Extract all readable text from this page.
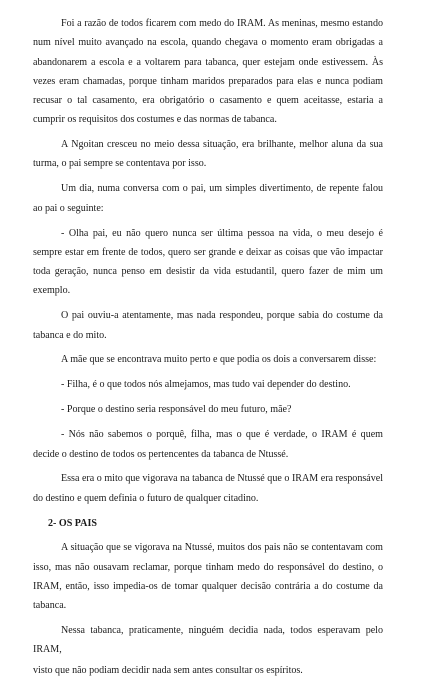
Foi a razão de todos ficarem com medo do IRAM. As meninas, mesmo estando num nível muito avançado na escola, quando chegava o momento eram obrigadas a abandonarem a escola e a voltarem para tabanca, quer estejam onde estivessem. Às vezes eram chamadas, porque tinham maridos preparados para elas e nunca podiam recusar o tal casamento, era obrigatório o casamento e quem aceitasse, estaria a cumprir os requisitos dos costumes e das normas de tabanca.

A Ngoitan cresceu no meio dessa situação, era brilhante, melhor aluna da sua turma, o pai sempre se contentava por isso.

Um dia, numa conversa com o pai, um simples divertimento, de repente falou ao pai o seguinte:

- Olha pai, eu não quero nunca ser última pessoa na vida, o meu desejo é sempre estar em frente de todos, quero ser grande e deixar as coisas que vão impactar toda geração, nunca penso em desistir da vida estudantil, quero fazer de mim um exemplo.

O pai ouviu-a atentamente, mas nada respondeu, porque sabia do costume da tabanca e do mito.

A mãe que se encontrava muito perto e que podia os dois a conversarem disse:

- Filha, é o que todos nós almejamos, mas tudo vai depender do destino.

- Porque o destino seria responsável do meu futuro, mãe?

- Nós não sabemos o porquê, filha, mas o que é verdade, o IRAM é quem decide o destino de todos os pertencentes da tabanca de Ntussé.

Essa era o mito que vigorava na tabanca de Ntussé que o IRAM era responsável do destino e quem definia o futuro de qualquer citadino.

2- OS PAIS

A situação que se vigorava na Ntussé, muitos dos pais não se contentavam com isso, mas não ousavam reclamar, porque tinham medo do responsável do destino, o IRAM, então, isso impedia-os de tomar qualquer decisão contrária a do costume da tabanca.

Nessa tabanca, praticamente, ninguém decidia nada, todos esperavam pelo IRAM,

visto que não podiam decidir nada sem antes consultar os espíritos.
